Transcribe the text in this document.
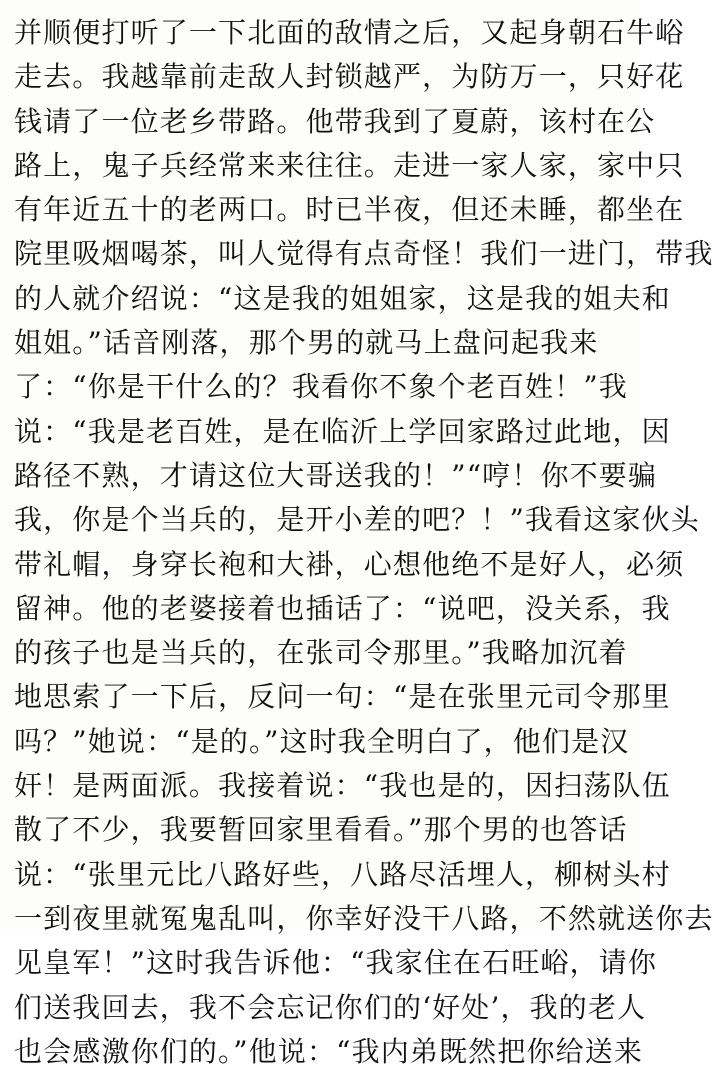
并顺便打听了一下北面的敌情之后，又起身朝石牛峪
走去。我越靠前走敌人封锁越严，为防万一，只好花
钱请了一位老乡带路。他带我到了夏蔚，该村在公
路上，鬼子兵经常来来往往。走进一家人家，家中只
有年近五十的老两口。时已半夜，但还未睡，都坐在
院里吸烟喝茶，叫人觉得有点奇怪！我们一进门，带我
的人就介绍说：“这是我的姐姐家，这是我的姐夫和
姐姐。”话音刚落，那个男的就马上盘问起我来
了：“你是干什么的？我看你不象个老百姓！”我
说：“我是老百姓，是在临沂上学回家路过此地，因
路径不熟，才请这位大哥送我的！”“哼！你不要骗
我，你是个当兵的，是开小差的吧？！”我看这家伙头
带礼帽，身穿长袍和大褂，心想他绝不是好人，必须
留神。他的老婆接着也插话了：“说吧，没关系，我
的孩子也是当兵的，在张司令那里。”我略加沉着
地思索了一下后，反问一句：“是在张里元司令那里
吗？”她说：“是的。”这时我全明白了，他们是汉
奸！是两面派。我接着说：“我也是的，因扫荡队伍
散了不少，我要暂回家里看看。”那个男的也答话
说：“张里元比八路好些，八路尽活埋人，柳树头村
一到夜里就冤鬼乱叫，你幸好没干八路，不然就送你去
见皇军！”这时我告诉他：“我家住在石旺峪，请你
们送我回去，我不会忘记你们的‘好处’，我的老人
也会感激你们的。”他说：“我内弟既然把你给送来
